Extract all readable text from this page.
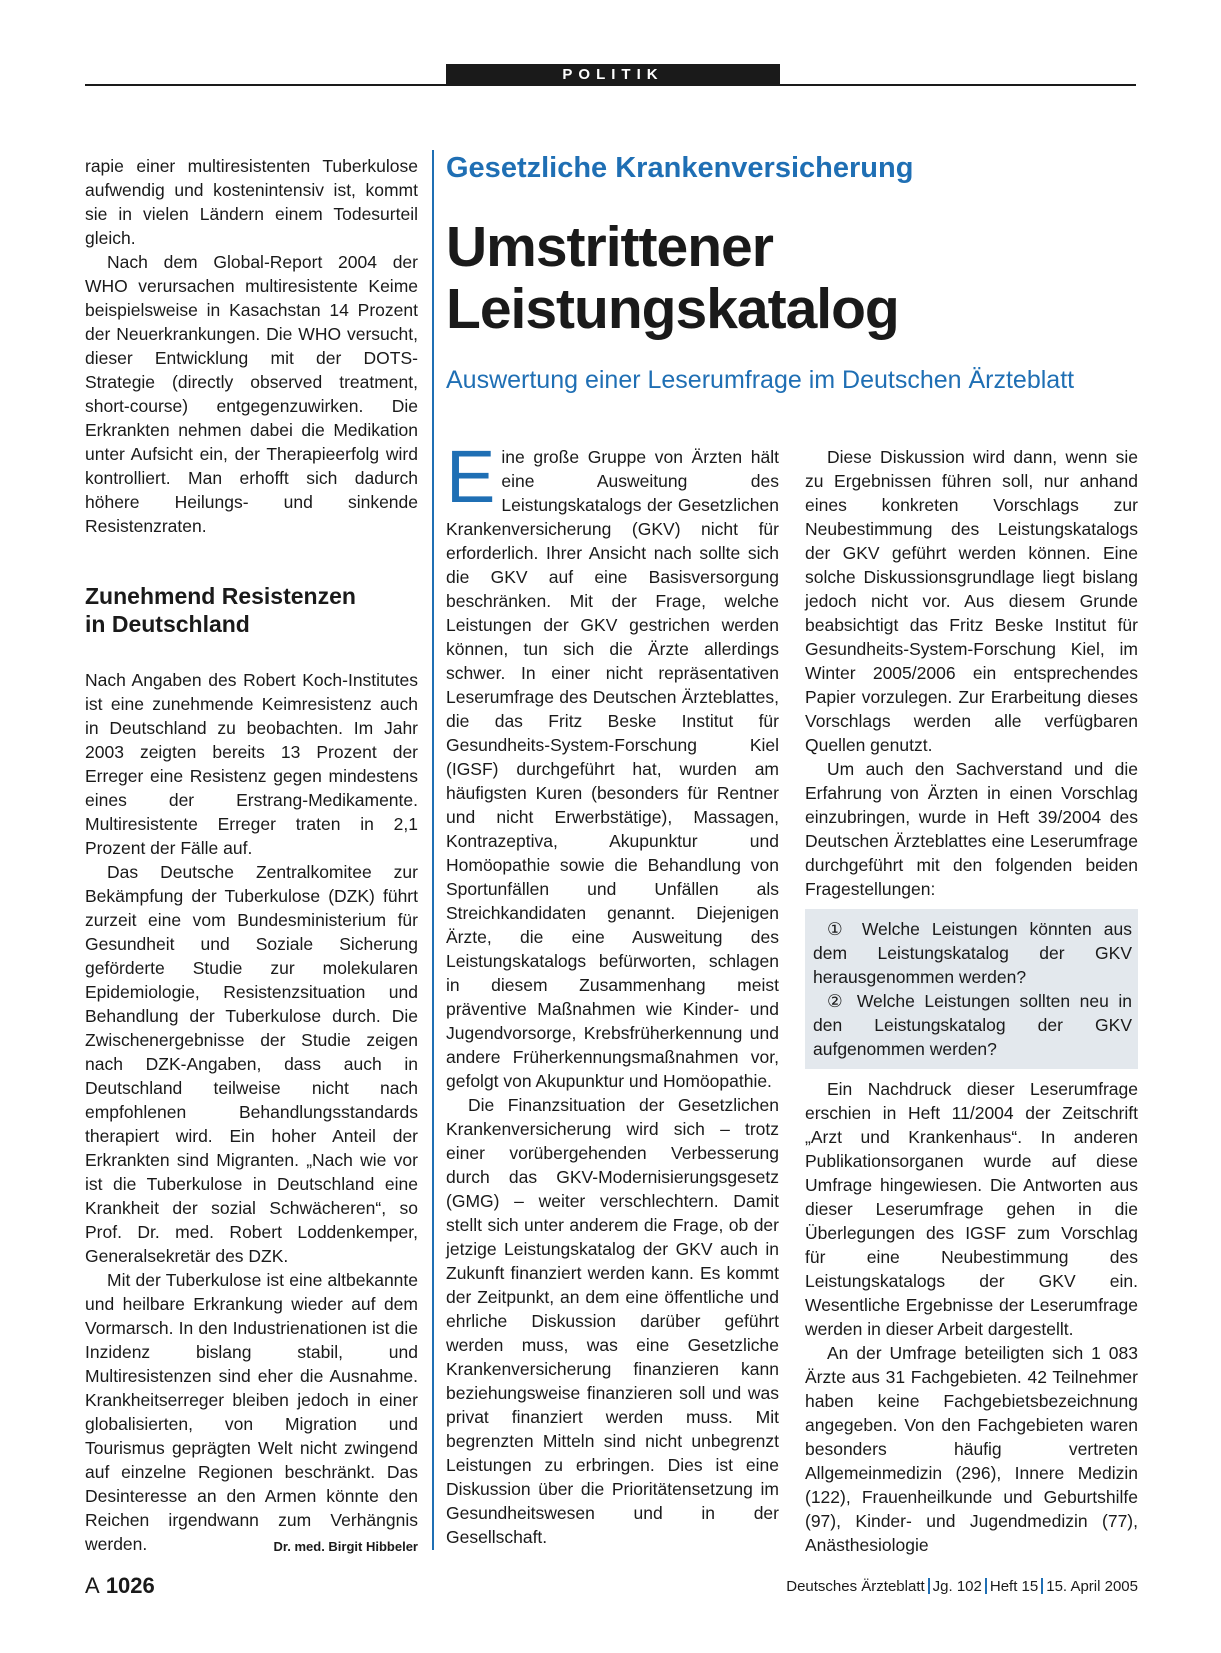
POLITIK

rapie einer multiresistenten Tuberkulose aufwendig und kostenintensiv ist, kommt sie in vielen Ländern einem Todesurteil gleich.

Nach dem Global-Report 2004 der WHO verursachen multiresistente Keime beispielsweise in Kasachstan 14 Prozent der Neuerkrankungen. Die WHO versucht, dieser Entwicklung mit der DOTS-Strategie (directly observed treatment, short-course) entgegenzuwirken. Die Erkrankten nehmen dabei die Medikation unter Aufsicht ein, der Therapieerfolg wird kontrolliert. Man erhofft sich dadurch höhere Heilungs- und sinkende Resistenzraten.

Zunehmend Resistenzen
in Deutschland

Nach Angaben des Robert Koch-Institutes ist eine zunehmende Keimresistenz auch in Deutschland zu beobachten. Im Jahr 2003 zeigten bereits 13 Prozent der Erreger eine Resistenz gegen mindestens eines der Erstrang-Medikamente. Multiresistente Erreger traten in 2,1 Prozent der Fälle auf.

Das Deutsche Zentralkomitee zur Bekämpfung der Tuberkulose (DZK) führt zurzeit eine vom Bundesministerium für Gesundheit und Soziale Sicherung geförderte Studie zur molekularen Epidemiologie, Resistenzsituation und Behandlung der Tuberkulose durch. Die Zwischenergebnisse der Studie zeigen nach DZK-Angaben, dass auch in Deutschland teilweise nicht nach empfohlenen Behandlungsstandards therapiert wird. Ein hoher Anteil der Erkrankten sind Migranten. „Nach wie vor ist die Tuberkulose in Deutschland eine Krankheit der sozial Schwächeren“, so Prof. Dr. med. Robert Loddenkemper, Generalsekretär des DZK.

Mit der Tuberkulose ist eine altbekannte und heilbare Erkrankung wieder auf dem Vormarsch. In den Industrienationen ist die Inzidenz bislang stabil, und Multiresistenzen sind eher die Ausnahme. Krankheitserreger bleiben jedoch in einer globalisierten, von Migration und Tourismus geprägten Welt nicht zwingend auf einzelne Regionen beschränkt. Das Desinteresse an den Armen könnte den Reichen irgendwann zum Verhängnis werden.	Dr. med. Birgit Hibbeler

Gesetzliche Krankenversicherung
Umstrittener
Leistungskatalog
Auswertung einer Leserumfrage im Deutschen Ärzteblatt

Eine große Gruppe von Ärzten hält eine Ausweitung des Leistungskatalogs der Gesetzlichen Krankenversicherung (GKV) nicht für erforderlich. Ihrer Ansicht nach sollte sich die GKV auf eine Basisversorgung beschränken. Mit der Frage, welche Leistungen der GKV gestrichen werden können, tun sich die Ärzte allerdings schwer. In einer nicht repräsentativen Leserumfrage des Deutschen Ärzteblattes, die das Fritz Beske Institut für Gesundheits-System-Forschung Kiel (IGSF) durchgeführt hat, wurden am häufigsten Kuren (besonders für Rentner und nicht Erwerbstätige), Massagen, Kontrazeptiva, Akupunktur und Homöopathie sowie die Behandlung von Sportunfällen und Unfällen als Streichkandidaten genannt. Diejenigen Ärzte, die eine Ausweitung des Leistungskatalogs befürworten, schlagen in diesem Zusammenhang meist präventive Maßnahmen wie Kinder- und Jugendvorsorge, Krebsfrüherkennung und andere Früherkennungsmaßnahmen vor, gefolgt von Akupunktur und Homöopathie.

Die Finanzsituation der Gesetzlichen Krankenversicherung wird sich – trotz einer vorübergehenden Verbesserung durch das GKV-Modernisierungsgesetz (GMG) – weiter verschlechtern. Damit stellt sich unter anderem die Frage, ob der jetzige Leistungskatalog der GKV auch in Zukunft finanziert werden kann. Es kommt der Zeitpunkt, an dem eine öffentliche und ehrliche Diskussion darüber geführt werden muss, was eine Gesetzliche Krankenversicherung finanzieren kann beziehungsweise finanzieren soll und was privat finanziert werden muss. Mit begrenzten Mitteln sind nicht unbegrenzt Leistungen zu erbringen. Dies ist eine Diskussion über die Prioritätensetzung im Gesundheitswesen und in der Gesellschaft.

Diese Diskussion wird dann, wenn sie zu Ergebnissen führen soll, nur anhand eines konkreten Vorschlags zur Neubestimmung des Leistungskatalogs der GKV geführt werden können. Eine solche Diskussionsgrundlage liegt bislang jedoch nicht vor. Aus diesem Grunde beabsichtigt das Fritz Beske Institut für Gesundheits-System-Forschung Kiel, im Winter 2005/2006 ein entsprechendes Papier vorzulegen. Zur Erarbeitung dieses Vorschlags werden alle verfügbaren Quellen genutzt.

Um auch den Sachverstand und die Erfahrung von Ärzten in einen Vorschlag einzubringen, wurde in Heft 39/2004 des Deutschen Ärzteblattes eine Leserumfrage durchgeführt mit den folgenden beiden Fragestellungen:

① Welche Leistungen könnten aus dem Leistungskatalog der GKV herausgenommen werden?

② Welche Leistungen sollten neu in den Leistungskatalog der GKV aufgenommen werden?

Ein Nachdruck dieser Leserumfrage erschien in Heft 11/2004 der Zeitschrift „Arzt und Krankenhaus“. In anderen Publikationsorganen wurde auf diese Umfrage hingewiesen. Die Antworten aus dieser Leserumfrage gehen in die Überlegungen des IGSF zum Vorschlag für eine Neubestimmung des Leistungskatalogs der GKV ein. Wesentliche Ergebnisse der Leserumfrage werden in dieser Arbeit dargestellt.

An der Umfrage beteiligten sich 1 083 Ärzte aus 31 Fachgebieten. 42 Teilnehmer haben keine Fachgebietsbezeichnung angegeben. Von den Fachgebieten waren besonders häufig vertreten Allgemeinmedizin (296), Innere Medizin (122), Frauenheilkunde und Geburtshilfe (97), Kinder- und Jugendmedizin (77), Anästhesiologie

A 1026	Deutsches Ärzteblatt Jg. 102 Heft 15 15. April 2005
